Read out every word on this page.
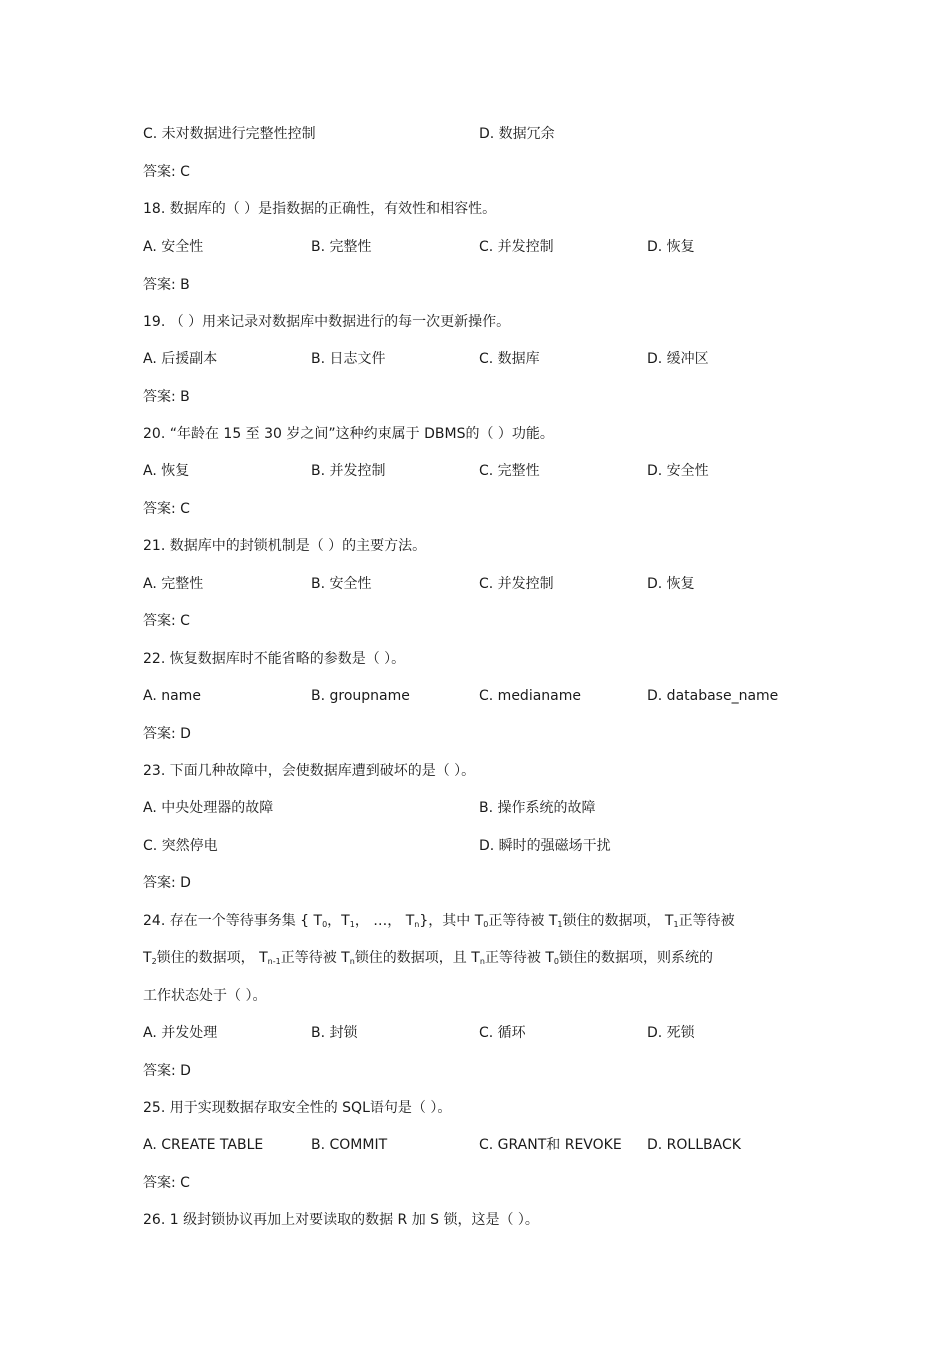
C. 未对数据进行完整性控制	D. 数据冗余
答案: C
18. 数据库的（ ）是指数据的正确性，有效性和相容性。
A. 安全性	B. 完整性	C. 并发控制	D. 恢复
答案: B
19. （ ）用来记录对数据库中数据进行的每一次更新操作。
A. 后援副本	B. 日志文件	C. 数据库	D. 缓冲区
答案: B
20. “年龄在 15 至 30 岁之间”这种约束属于 DBMS的（ ）功能。
A. 恢复	B. 并发控制	C. 完整性	D. 安全性
答案: C
21. 数据库中的封锁机制是（ ）的主要方法。
A. 完整性	B. 安全性	C. 并发控制	D. 恢复
答案: C
22. 恢复数据库时不能省略的参数是（ ）。
A. name	B. groupname	C. medianame	D. database_name
答案: D
23. 下面几种故障中，会使数据库遭到破坏的是（ ）。
A. 中央处理器的故障	B. 操作系统的故障
C. 突然停电	D. 瞬时的强磁场干扰
答案: D
24. 存在一个等待事务集 { $T_0$，$T_1$， …， $T_n$}，其中 $T_0$正等待被 $T_1$锁住的数据项， $T_1$正等待被
$T_2$锁住的数据项， $T_{n-1}$正等待被 $T_n$锁住的数据项，且 $T_n$正等待被 $T_0$锁住的数据项，则系统的
工作状态处于（ ）。
A. 并发处理	B. 封锁	C. 循环	D. 死锁
答案: D
25. 用于实现数据存取安全性的 SQL语句是（ ）。
A. CREATE TABLE	B. COMMIT	C. GRANT和 REVOKE D. ROLLBACK
答案: C
26. 1 级封锁协议再加上对要读取的数据 R 加 S 锁，这是（ ）。
